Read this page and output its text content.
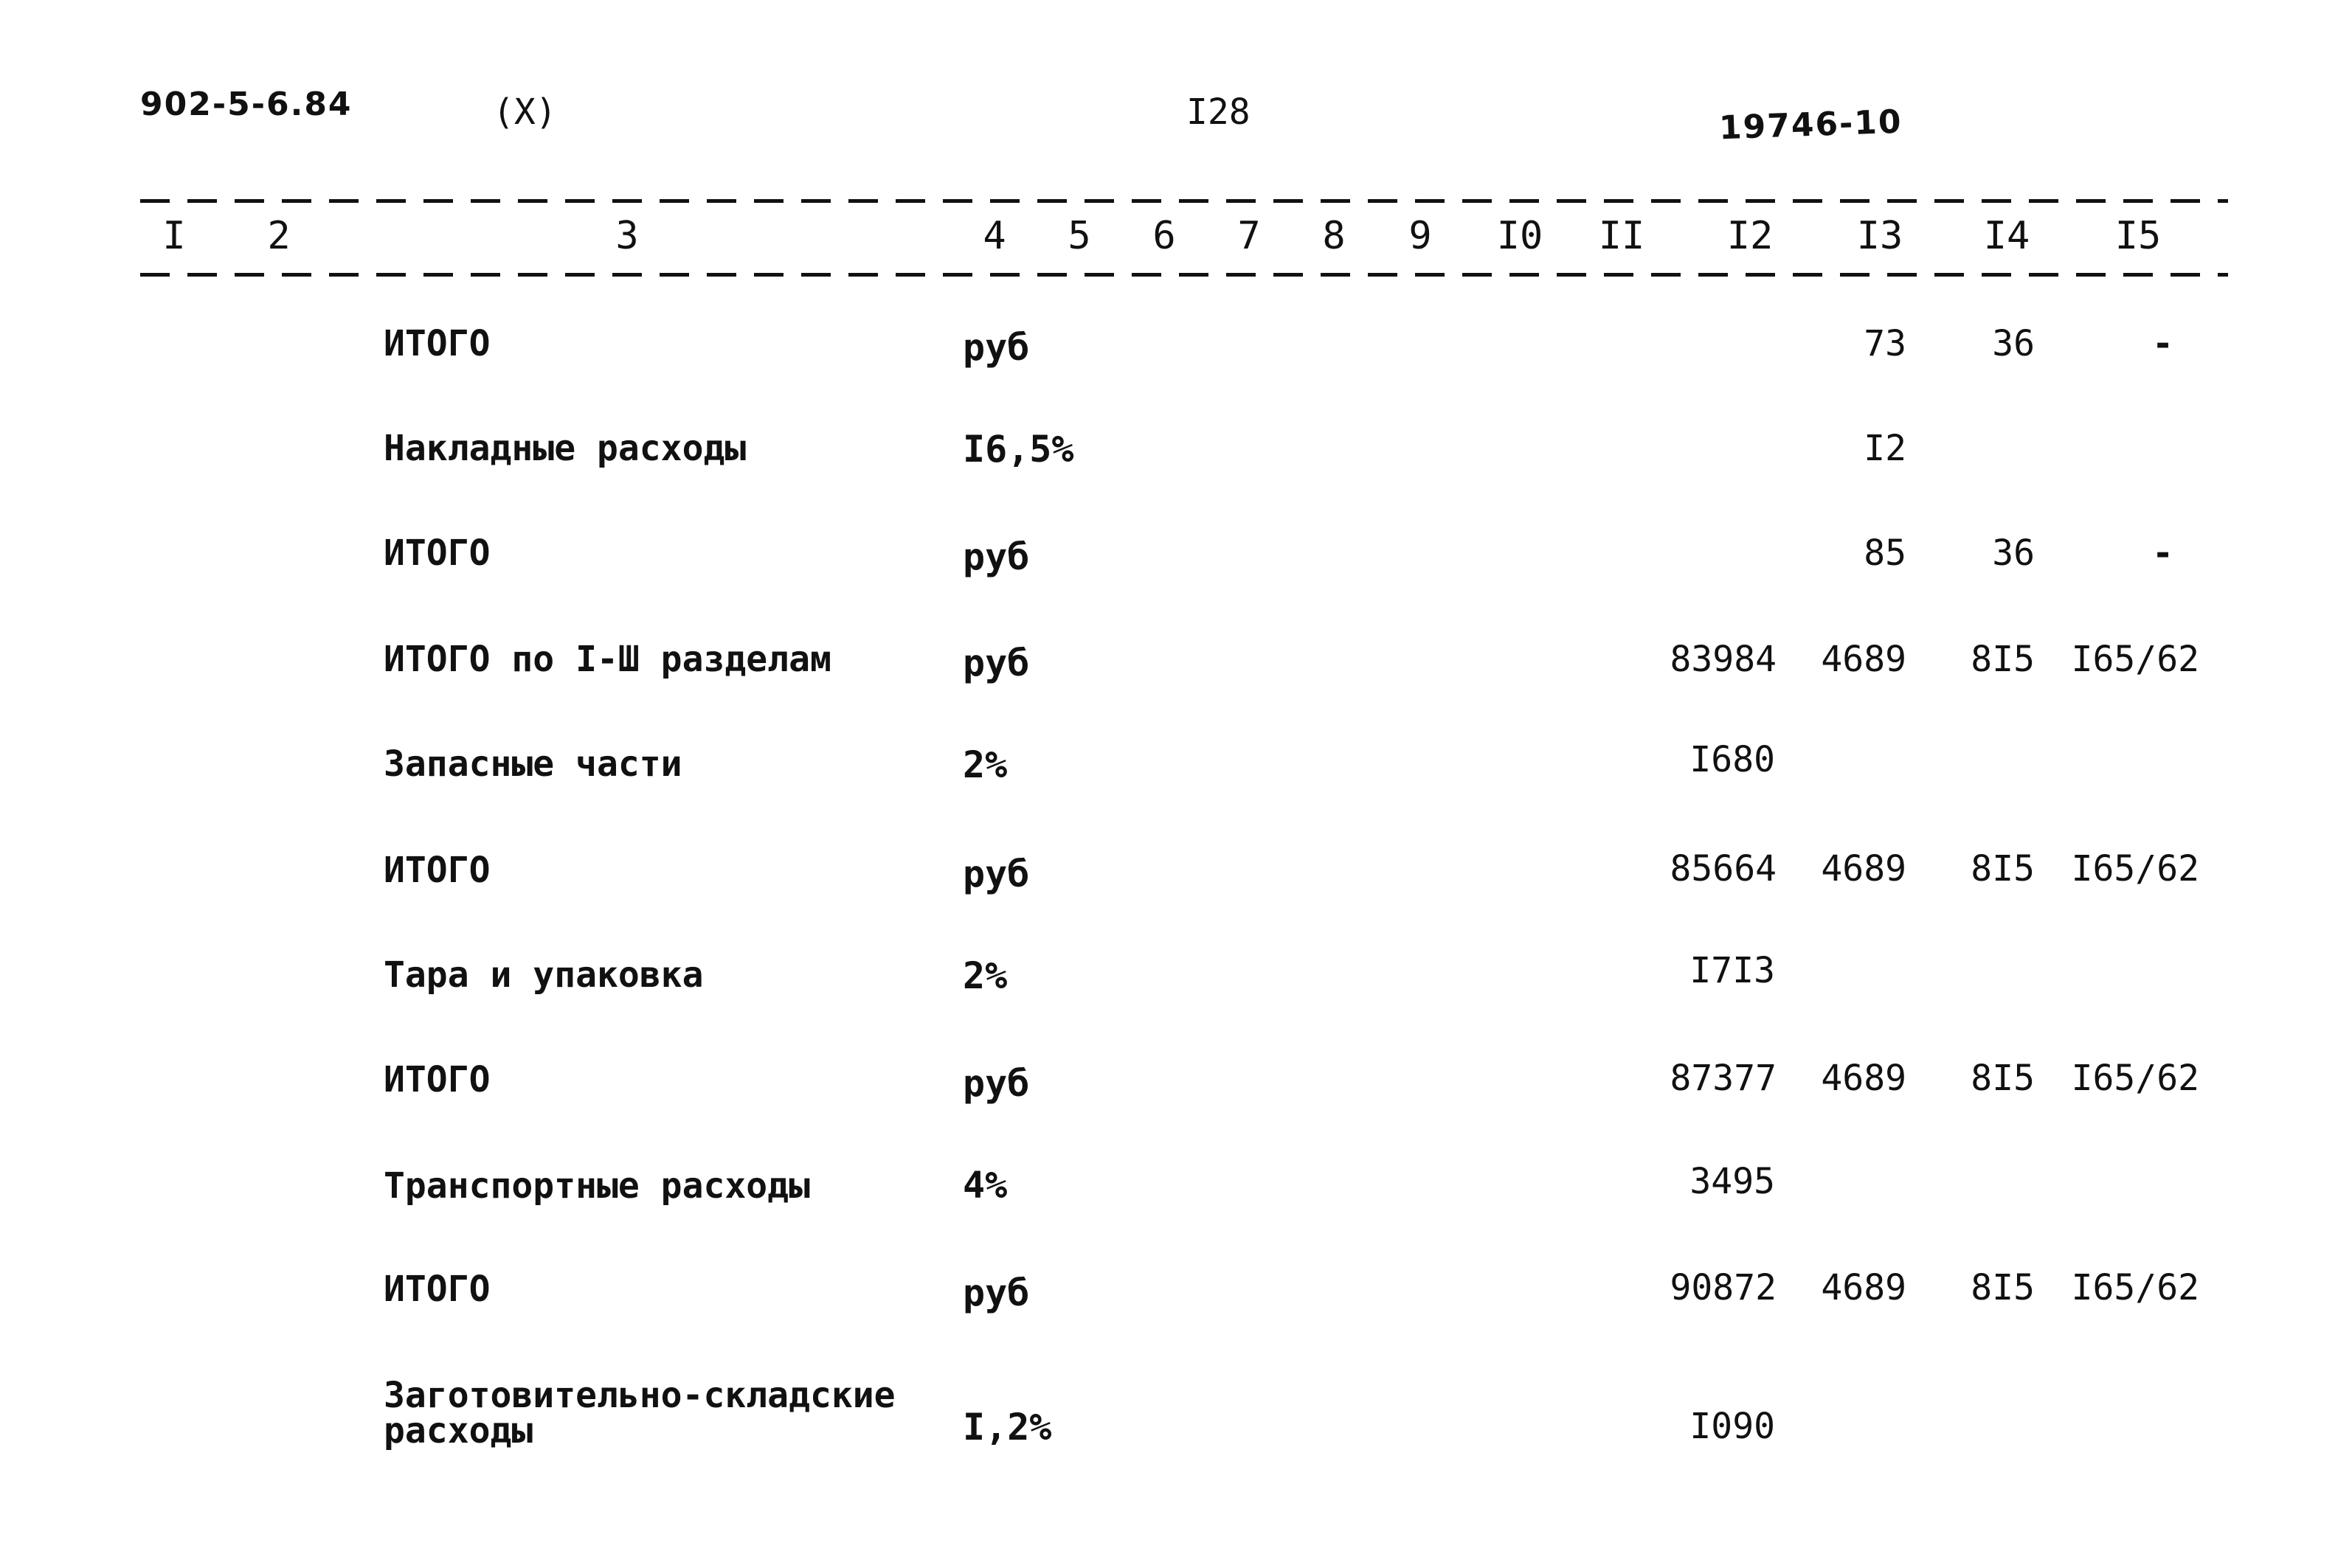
902-5-6.84	(X)	I28	19746-10
I 2	3	4 5 6 7 8 9 I0 II I2 I3 I4 I5
ИТОГО	руб	73 36	-
Накладные расходы	I6,5%	I2
ИТОГО	руб	85 36	-
ИТОГО по I-Ш разделам	руб	83984 4689 8I5 I65/62
Запасные части	2%	I680
ИТОГО	руб	85664 4689 8I5 I65/62
Тара и упаковка	2%	I7I3
ИТОГО	руб	87377 4689 8I5 I65/62
Транспортные расходы	4%	3495
ИТОГО	руб	90872 4689 8I5 I65/62
Заготовительно-складские
расходы	I,2%	I090
